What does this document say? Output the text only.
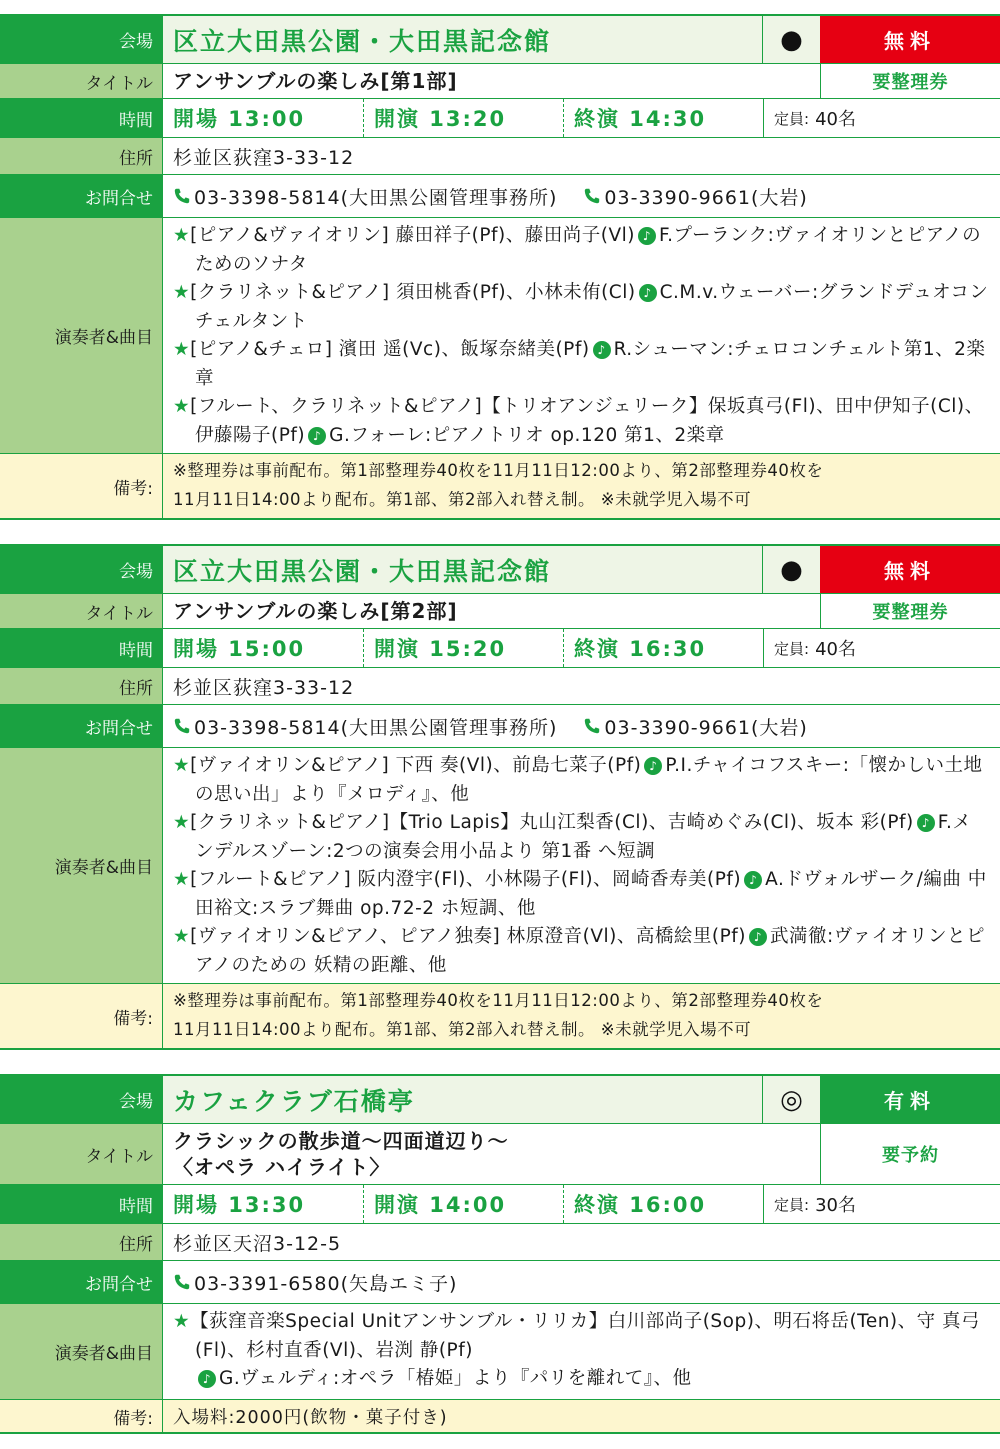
会場 区立大田黒公園・大田黒記念館	●	無料
タイトル	アンサンブルの楽しみ[第1部]	要整理券
時間 開場 13:00	開演 13:20	終演 14:30	定員: 40名
住所	杉並区荻窪3-33-12
お問合せ	03-3398-5814(大田黒公園管理事務所) 03-3390-9661(大岩)
演奏者&曲目
★[ピアノ&ヴァイオリン] 藤田祥子(Pf)、藤田尚子(Vl) ♪ F.プーランク:ヴァイオリンとピアノのためのソナタ
★[クラリネット&ピアノ] 須田桃香(Pf)、小林未侑(Cl) ♪ C.M.v.ウェーバー:グランドデュオコンチェルタント
★[ピアノ&チェロ] 濱田 遥(Vc)、飯塚奈緒美(Pf) ♪ R.シューマン:チェロコンチェルト第1、2楽章
★[フルート、クラリネット&ピアノ]【トリオアンジェリーク】保坂真弓(Fl)、田中伊知子(Cl)、伊藤陽子(Pf) ♪ G.フォーレ:ピアノトリオ op.120 第1、2楽章
備考:
※整理券は事前配布。第1部整理券40枚を11月11日12:00より、第2部整理券40枚を
11月11日14:00より配布。第1部、第2部入れ替え制。 ※未就学児入場不可
会場 区立大田黒公園・大田黒記念館	●	無料
タイトル	アンサンブルの楽しみ[第2部]	要整理券
時間 開場 15:00	開演 15:20	終演 16:30	定員: 40名
住所	杉並区荻窪3-33-12
お問合せ	03-3398-5814(大田黒公園管理事務所) 03-3390-9661(大岩)
演奏者&曲目
★[ヴァイオリン&ピアノ] 下西 奏(Vl)、前島七菜子(Pf) ♪ P.I.チャイコフスキー:「懐かしい土地の思い出」より『メロディ』、他
★[クラリネット&ピアノ]【Trio Lapis】丸山江梨香(Cl)、吉崎めぐみ(Cl)、坂本 彩(Pf) ♪ F.メンデルスゾーン:2つの演奏会用小品より 第1番 へ短調
★[フルート&ピアノ] 阪内澄宇(Fl)、小林陽子(Fl)、岡崎香寿美(Pf) ♪ A.ドヴォルザーク/編曲 中田裕文:スラブ舞曲 op.72-2 ホ短調、他
★[ヴァイオリン&ピアノ、ピアノ独奏] 林原澄音(Vl)、高橋絵里(Pf) ♪ 武満徹:ヴァイオリンとピアノのための 妖精の距離、他
備考:
※整理券は事前配布。第1部整理券40枚を11月11日12:00より、第2部整理券40枚を
11月11日14:00より配布。第1部、第2部入れ替え制。 ※未就学児入場不可
会場 カフェクラブ石橋亭	◎	有料
タイトル
クラシックの散歩道〜四面道辺り〜
〈オペラ ハイライト〉	要予約
時間 開場 13:30	開演 14:00	終演 16:00	定員: 30名
住所	杉並区天沼3-12-5
お問合せ	03-3391-6580(矢島エミ子)
演奏者&曲目
★【荻窪音楽Special Unitアンサンブル・リリカ】白川部尚子(Sop)、明石将岳(Ten)、守 真弓(Fl)、杉村直香(Vl)、岩渕 静(Pf)
♪ G.ヴェルディ:オペラ「椿姫」より『パリを離れて』、他
備考:	入場料:2000円(飲物・菓子付き)
